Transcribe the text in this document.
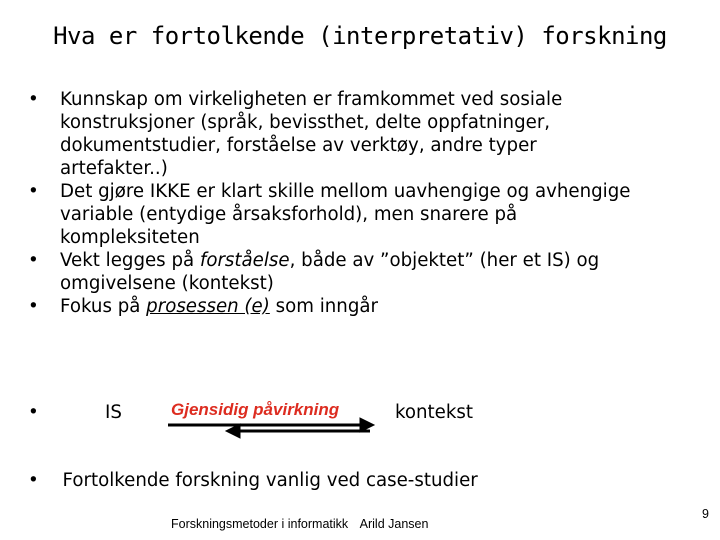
Hva er fortolkende (interpretativ) forskning
• Kunnskap om virkeligheten er framkommet ved sosiale
konstruksjoner (språk, bevissthet, delte oppfatninger,
dokumentstudier, forståelse av verktøy, andre typer
artefakter..)
• Det gjøre IKKE er klart skille mellom uavhengige og avhengige
variable (entydige årsaksforhold), men snarere på
kompleksiteten
• Vekt legges på forståelse, både av ”objektet” (her et IS) og
omgivelsene (kontekst)
• Fokus på prosessen (e) som inngår
•	IS	Gjensidig påvirkning	kontekst
• Fortolkende forskning vanlig ved case-studier
Forskningsmetoder i informatikk Arild Jansen
9
